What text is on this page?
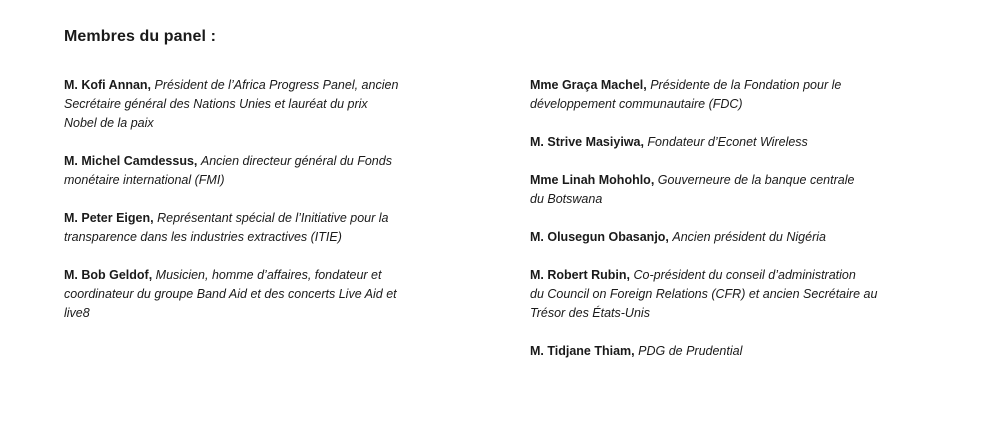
Membres du panel :
M. Kofi Annan, Président de l’Africa Progress Panel, ancien
Secrétaire général des Nations Unies et lauréat du prix
Nobel de la paix
M. Michel Camdessus, Ancien directeur général du Fonds
monétaire international (FMI)
M. Peter Eigen, Représentant spécial de l’Initiative pour la
transparence dans les industries extractives (ITIE)
M. Bob Geldof, Musicien, homme d’affaires, fondateur et
coordinateur du groupe Band Aid et des concerts Live Aid et
live8
Mme Graça Machel, Présidente de la Fondation pour le
développement communautaire (FDC)
M. Strive Masiyiwa, Fondateur d’Econet Wireless
Mme Linah Mohohlo, Gouverneure de la banque centrale
du Botswana
M. Olusegun Obasanjo, Ancien président du Nigéria
M. Robert Rubin, Co-président du conseil d’administration
du Council on Foreign Relations (CFR) et ancien Secrétaire au
Trésor des États-Unis
M. Tidjane Thiam, PDG de Prudential
